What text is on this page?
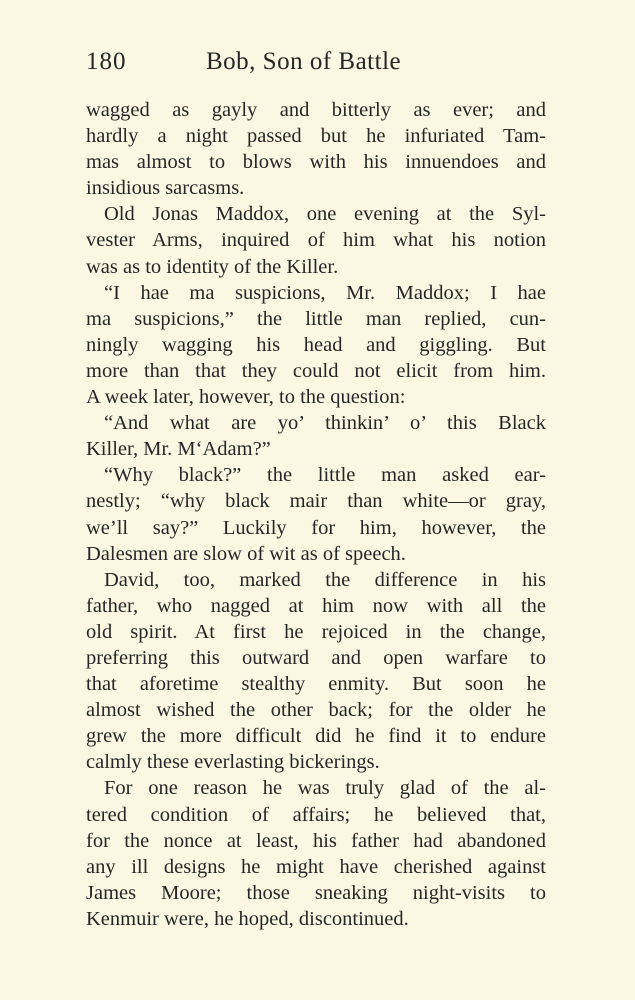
180	Bob, Son of Battle
wagged as gayly and bitterly as ever; and
hardly a night passed but he infuriated Tam-
mas almost to blows with his innuendoes and
insidious sarcasms.
Old Jonas Maddox, one evening at the Syl-
vester Arms, inquired of him what his notion
was as to identity of the Killer.
“I hae ma suspicions, Mr. Maddox; I hae
ma suspicions,” the little man replied, cun-
ningly wagging his head and giggling. But
more than that they could not elicit from him.
A week later, however, to the question:
“And what are yo’ thinkin’ o’ this Black
Killer, Mr. M‘Adam?”
“Why black?” the little man asked ear-
nestly; “why black mair than white—or gray,
we’ll say?” Luckily for him, however, the
Dalesmen are slow of wit as of speech.
David, too, marked the difference in his
father, who nagged at him now with all the
old spirit. At first he rejoiced in the change,
preferring this outward and open warfare to
that aforetime stealthy enmity. But soon he
almost wished the other back; for the older he
grew the more difficult did he find it to endure
calmly these everlasting bickerings.
For one reason he was truly glad of the al-
tered condition of affairs; he believed that,
for the nonce at least, his father had abandoned
any ill designs he might have cherished against
James Moore; those sneaking night-visits to
Kenmuir were, he hoped, discontinued.
